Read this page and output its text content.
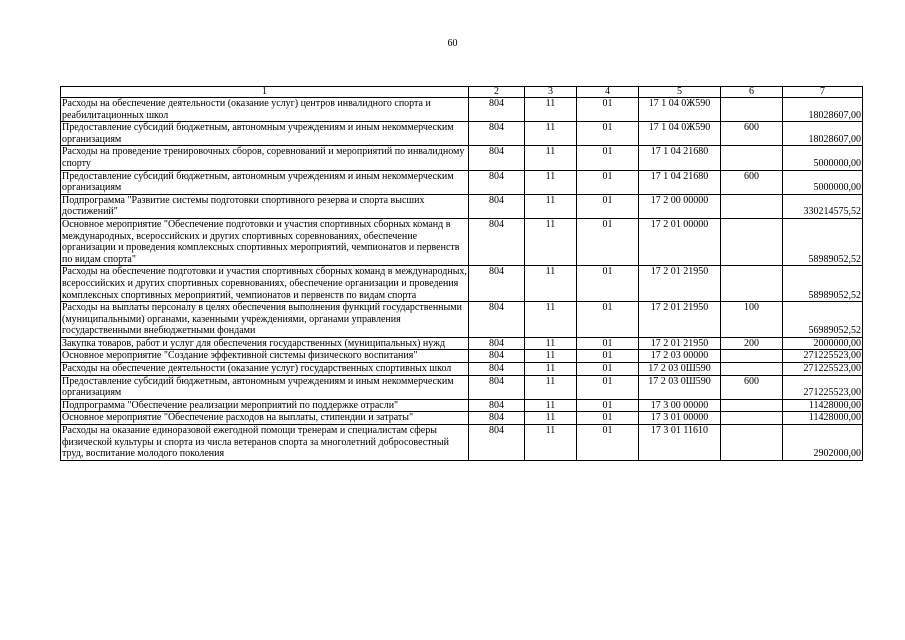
60
1	2	3	4	5	6	7
Расходы на обеспечение деятельности (оказание услуг) центров инвалидного спорта и реабилитационных школ	804	11	01	17 1 04 0Ж590		18028607,00
Предоставление субсидий бюджетным, автономным учреждениям и иным некоммерческим организациям	804	11	01	17 1 04 0Ж590	600	18028607,00
Расходы на проведение тренировочных сборов, соревнований и мероприятий по инвалидному спорту	804	11	01	17 1 04 21680		5000000,00
Предоставление субсидий бюджетным, автономным учреждениям и иным некоммерческим организациям	804	11	01	17 1 04 21680	600	5000000,00
Подпрограмма "Развитие системы подготовки спортивного резерва и спорта высших достижений"	804	11	01	17 2 00 00000		330214575,52
Основное мероприятие "Обеспечение подготовки и участия спортивных сборных команд в международных, всероссийских и других спортивных соревнованиях, обеспечение организации и проведения комплексных спортивных мероприятий, чемпионатов и первенств по видам спорта"	804	11	01	17 2 01 00000		58989052,52
Расходы на обеспечение подготовки и участия спортивных сборных команд в международных, всероссийских и других спортивных соревнованиях, обеспечение организации и проведения комплексных спортивных мероприятий, чемпионатов и первенств по видам спорта	804	11	01	17 2 01 21950		58989052,52
Расходы на выплаты персоналу в целях обеспечения выполнения функций государственными (муниципальными) органами, казенными учреждениями, органами управления государственными внебюджетными фондами	804	11	01	17 2 01 21950	100	56989052,52
Закупка товаров, работ и услуг для обеспечения государственных (муниципальных) нужд	804	11	01	17 2 01 21950	200	2000000,00
Основное мероприятие "Создание эффективной системы физического воспитания"	804	11	01	17 2 03 00000		271225523,00
Расходы на обеспечение деятельности (оказание услуг) государственных спортивных школ	804	11	01	17 2 03 0Ш590		271225523,00
Предоставление субсидий бюджетным, автономным учреждениям и иным некоммерческим организациям	804	11	01	17 2 03 0Ш590	600	271225523,00
Подпрограмма "Обеспечение реализации мероприятий по поддержке отрасли"	804	11	01	17 3 00 00000		11428000,00
Основное мероприятие "Обеспечение расходов на выплаты, стипендии и затраты"	804	11	01	17 3 01 00000		11428000,00
Расходы на оказание единоразовой ежегодной помощи тренерам и специалистам сферы физической культуры и спорта из числа ветеранов спорта за многолетний добросовестный труд, воспитание молодого поколения	804	11	01	17 3 01 11610		2902000,00
